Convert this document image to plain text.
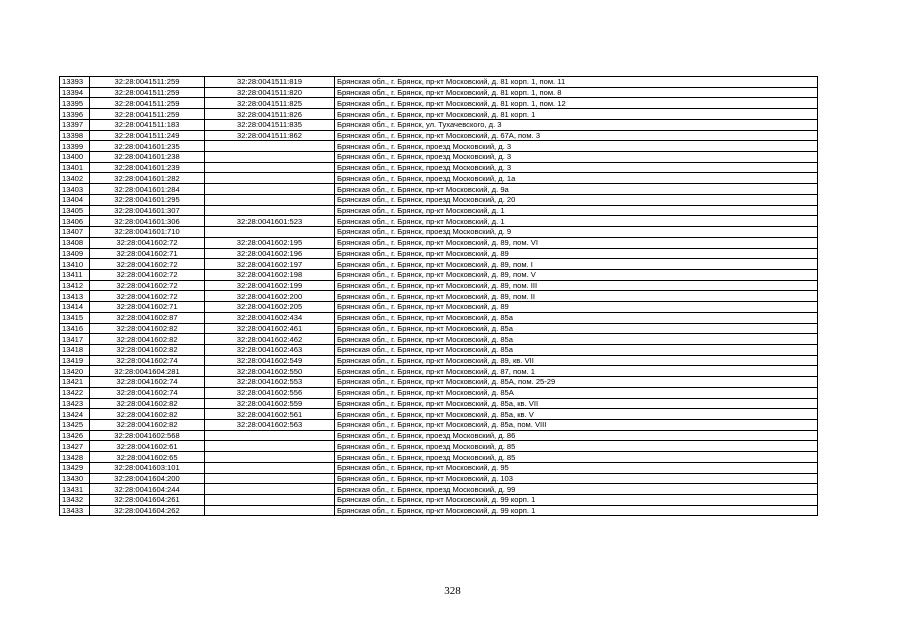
13393	32:28:0041511:259	32:28:0041511:819	Брянская обл., г. Брянск, пр-кт Московский, д. 81 корп. 1, пом. 11
13394	32:28:0041511:259	32:28:0041511:820	Брянская обл., г. Брянск, пр-кт Московский, д. 81 корп. 1, пом. 8
13395	32:28:0041511:259	32:28:0041511:825	Брянская обл., г. Брянск, пр-кт Московский, д. 81 корп. 1, пом. 12
13396	32:28:0041511:259	32:28:0041511:826	Брянская обл., г. Брянск, пр-кт Московский, д. 81 корп. 1
13397	32:28:0041511:183	32:28:0041511:835	Брянская обл., г. Брянск, ул. Тухачевского, д. 3
13398	32:28:0041511:249	32:28:0041511:862	Брянская обл., г. Брянск, пр-кт Московский, д. 67А, пом. 3
13399	32:28:0041601:235		Брянская обл., г. Брянск, проезд Московский, д. 3
13400	32:28:0041601:238		Брянская обл., г. Брянск, проезд Московский, д. 3
13401	32:28:0041601:239		Брянская обл., г. Брянск, проезд Московский, д. 3
13402	32:28:0041601:282		Брянская обл., г. Брянск, проезд Московский, д. 1а
13403	32:28:0041601:284		Брянская обл., г. Брянск, пр-кт Московский, д. 9а
13404	32:28:0041601:295		Брянская обл., г. Брянск, проезд Московский, д. 20
13405	32:28:0041601:307		Брянская обл., г. Брянск, пр-кт Московский, д. 1
13406	32:28:0041601:306	32:28:0041601:523	Брянская обл., г. Брянск, пр-кт Московский, д. 1
13407	32:28:0041601:710		Брянская обл., г. Брянск, проезд Московский, д. 9
13408	32:28:0041602:72	32:28:0041602:195	Брянская обл., г. Брянск, пр-кт Московский, д. 89, пом. VI
13409	32:28:0041602:71	32:28:0041602:196	Брянская обл., г. Брянск, пр-кт Московский, д. 89
13410	32:28:0041602:72	32:28:0041602:197	Брянская обл., г. Брянск, пр-кт Московский, д. 89, пом. I
13411	32:28:0041602:72	32:28:0041602:198	Брянская обл., г. Брянск, пр-кт Московский, д. 89, пом. V
13412	32:28:0041602:72	32:28:0041602:199	Брянская обл., г. Брянск, пр-кт Московский, д. 89, пом. III
13413	32:28:0041602:72	32:28:0041602:200	Брянская обл., г. Брянск, пр-кт Московский, д. 89, пом. II
13414	32:28:0041602:71	32:28:0041602:205	Брянская обл., г. Брянск, пр-кт Московский, д. 89
13415	32:28:0041602:87	32:28:0041602:434	Брянская обл., г. Брянск, пр-кт Московский, д. 85а
13416	32:28:0041602:82	32:28:0041602:461	Брянская обл., г. Брянск, пр-кт Московский, д. 85а
13417	32:28:0041602:82	32:28:0041602:462	Брянская обл., г. Брянск, пр-кт Московский, д. 85а
13418	32:28:0041602:82	32:28:0041602:463	Брянская обл., г. Брянск, пр-кт Московский, д. 85а
13419	32:28:0041602:74	32:28:0041602:549	Брянская обл., г. Брянск, пр-кт Московский, д. 89, кв. VII
13420	32:28:0041604:281	32:28:0041602:550	Брянская обл., г. Брянск, пр-кт Московский, д. 87, пом. 1
13421	32:28:0041602:74	32:28:0041602:553	Брянская обл., г. Брянск, пр-кт Московский, д. 85А, пом. 25-29
13422	32:28:0041602:74	32:28:0041602:556	Брянская обл., г. Брянск, пр-кт Московский, д. 85А
13423	32:28:0041602:82	32:28:0041602:559	Брянская обл., г. Брянск, пр-кт Московский, д. 85а, кв. VII
13424	32:28:0041602:82	32:28:0041602:561	Брянская обл., г. Брянск, пр-кт Московский, д. 85а, кв. V
13425	32:28:0041602:82	32:28:0041602:563	Брянская обл., г. Брянск, пр-кт Московский, д. 85а, пом. VIII
13426	32:28:0041602:568		Брянская обл., г. Брянск, проезд Московский, д. 86
13427	32:28:0041602:61		Брянская обл., г. Брянск, проезд Московский, д. 85
13428	32:28:0041602:65		Брянская обл., г. Брянск, проезд Московский, д. 85
13429	32:28:0041603:101		Брянская обл., г. Брянск, пр-кт Московский, д. 95
13430	32:28:0041604:200		Брянская обл., г. Брянск, пр-кт Московский, д. 103
13431	32:28:0041604:244		Брянская обл., г. Брянск, проезд Московский, д. 99
13432	32:28:0041604:261		Брянская обл., г. Брянск, пр-кт Московский, д. 99 корп. 1
13433	32:28:0041604:262		Брянская обл., г. Брянск, пр-кт Московский, д. 99 корп. 1
328
